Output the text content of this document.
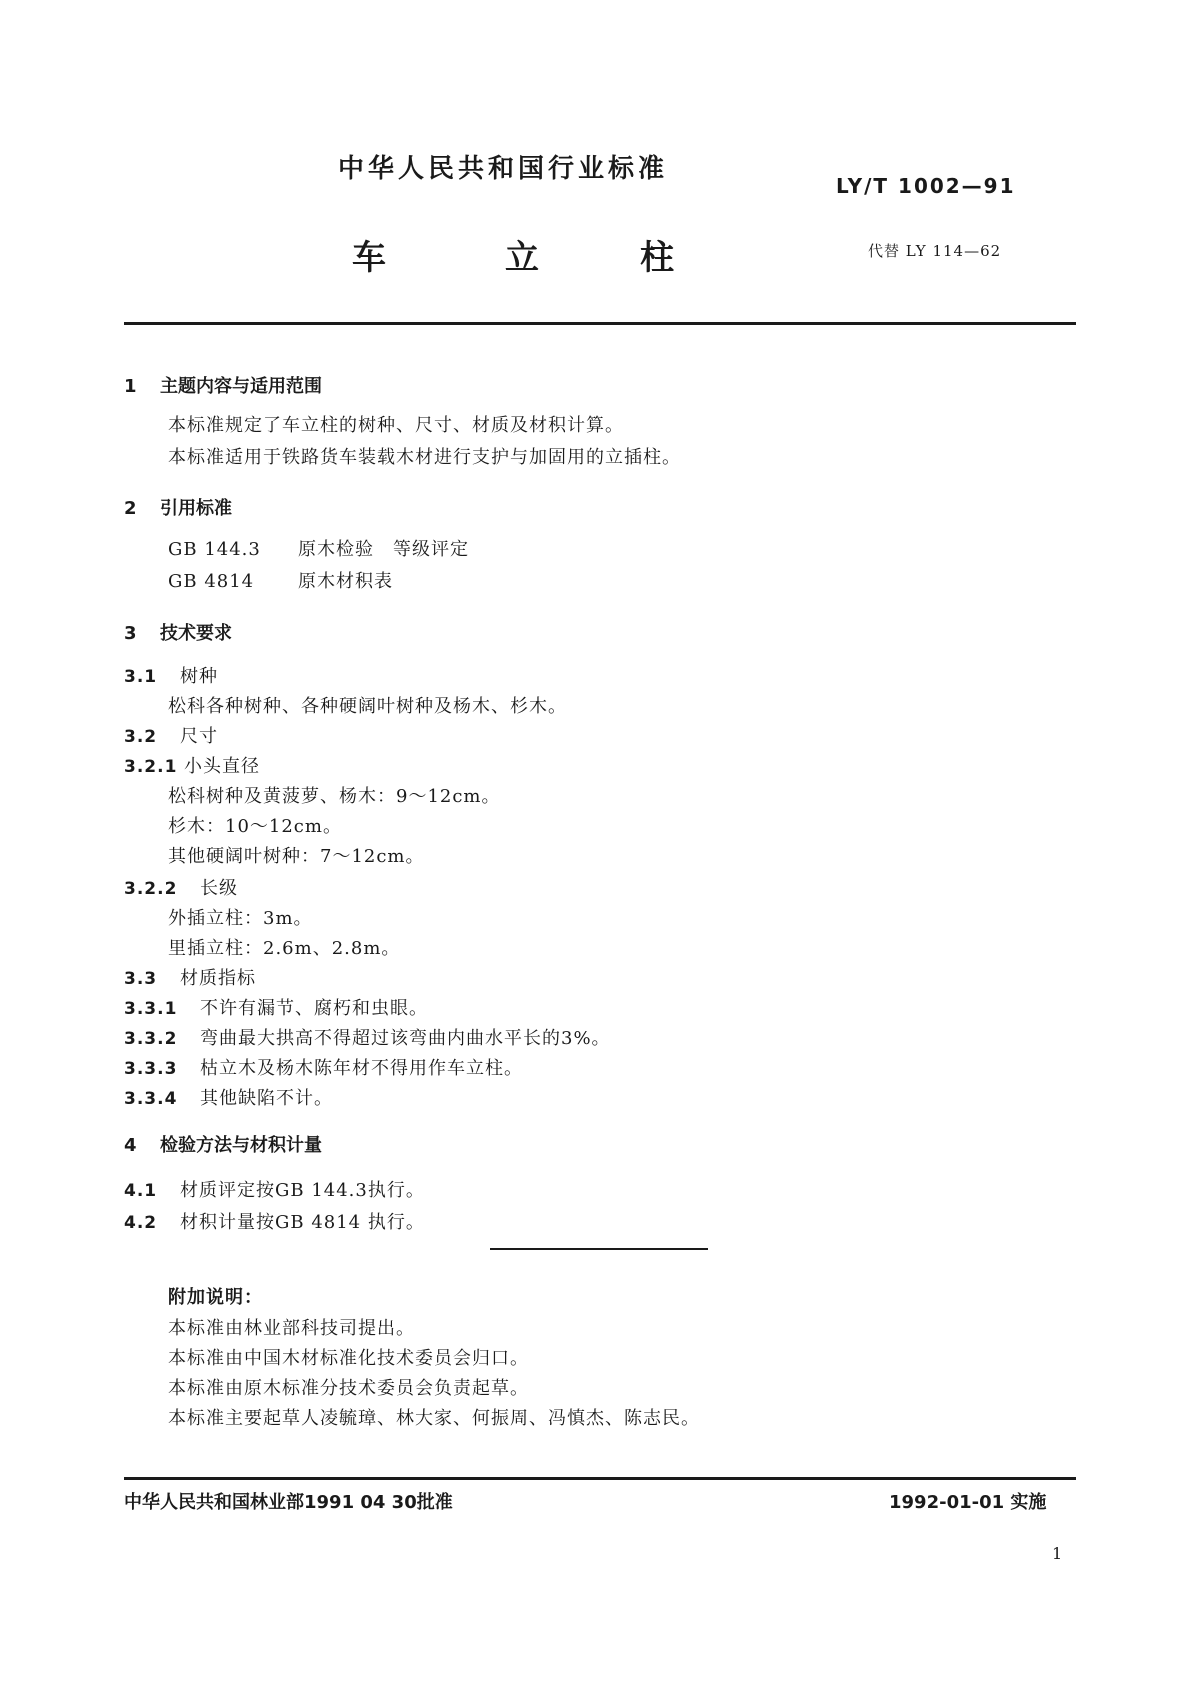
中华人民共和国行业标准
LY/T 1002—91
车	立	柱	代替 LY 114—62
1 主题内容与适用范围
本标准规定了车立柱的树种、尺寸、材质及材积计算。
本标准适用于铁路货车装载木材进行支护与加固用的立插柱。
2 引用标准
GB 144.3 原木检验　等级评定
GB 4814 原木材积表
3 技术要求
3.1 树种
松科各种树种、各种硬阔叶树种及杨木、杉木。
3.2 尺寸
3.2.1 小头直径
松科树种及黄菠萝、杨木：9～12cm。
杉木：10～12cm。
其他硬阔叶树种：7～12cm。
3.2.2 长级
外插立柱：3m。
里插立柱：2.6m、2.8m。
3.3 材质指标
3.3.1 不许有漏节、腐朽和虫眼。
3.3.2 弯曲最大拱高不得超过该弯曲内曲水平长的3%。
3.3.3 枯立木及杨木陈年材不得用作车立柱。
3.3.4 其他缺陷不计。
4 检验方法与材积计量
4.1 材质评定按GB 144.3执行。
4.2 材积计量按GB 4814 执行。
附加说明：
本标准由林业部科技司提出。
本标准由中国木材标准化技术委员会归口。
本标准由原木标准分技术委员会负责起草。
本标准主要起草人凌毓璋、林大家、何振周、冯慎杰、陈志民。
中华人民共和国林业部1991 04 30批准	1992-01-01 实施
1
